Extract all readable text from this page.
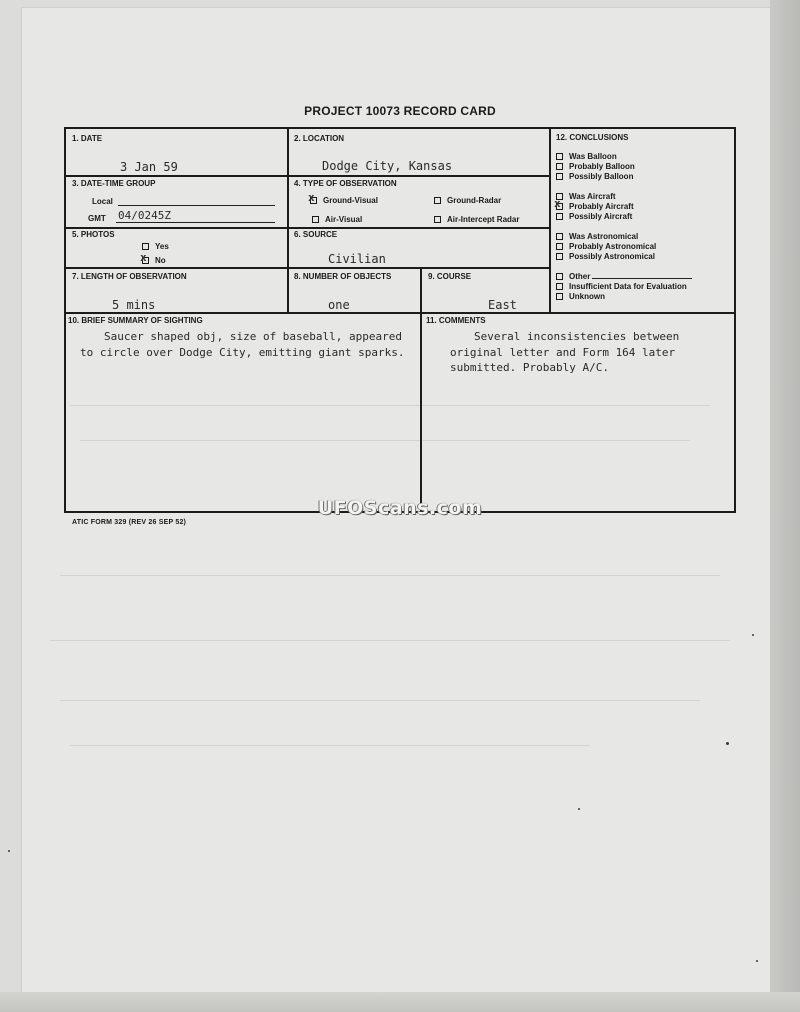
PROJECT 10073 RECORD CARD
1. DATE
3 Jan 59
2. LOCATION
Dodge City, Kansas
3. DATE-TIME GROUP
Local
GMT 04/0245Z
4. TYPE OF OBSERVATION
x
Ground-Visual	Ground-Radar
Air-Visual	Air-Intercept Radar
5. PHOTOS
Yes
x
No
6. SOURCE
Civilian
7. LENGTH OF OBSERVATION
5 mins
8. NUMBER OF OBJECTS
one
9. COURSE
East
12. CONCLUSIONS
Was Balloon
Probably Balloon
Possibly Balloon
Was Aircraft
x
Probably Aircraft
Possibly Aircraft
Was Astronomical
Probably Astronomical
Possibly Astronomical
Other
Insufficient Data for Evaluation
Unknown
10. BRIEF SUMMARY OF SIGHTING
Saucer shaped obj, size of baseball, appeared to circle over Dodge City, emitting giant sparks.
11. COMMENTS
Several inconsistencies between original letter and Form 164 later submitted. Probably A/C.
UFOScans.com
ATIC FORM 329 (REV 26 SEP 52)
